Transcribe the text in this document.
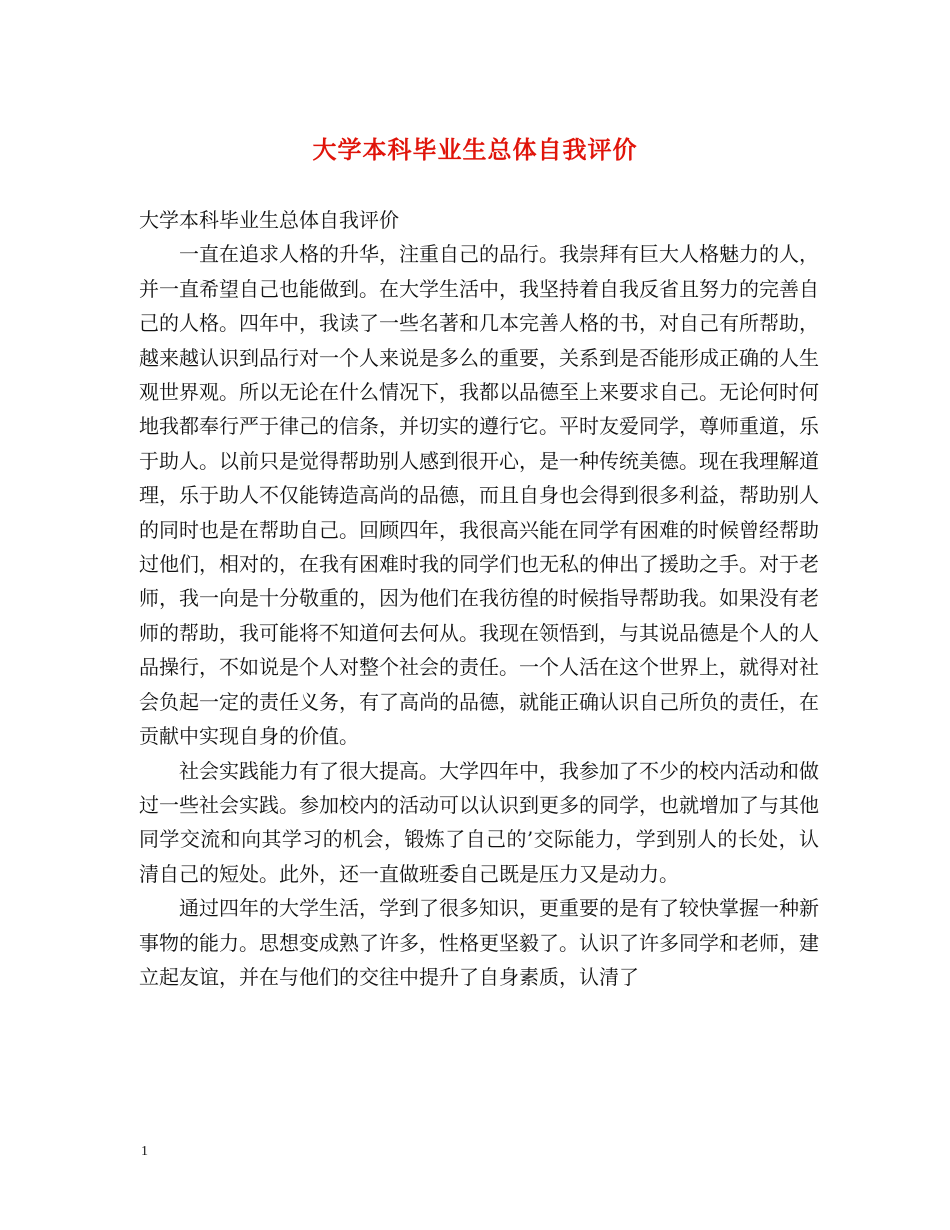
大学本科毕业生总体自我评价

大学本科毕业生总体自我评价

一直在追求人格的升华，注重自己的品行。我崇拜有巨大人格魅力的人，并一直希望自己也能做到。在大学生活中，我坚持着自我反省且努力的完善自己的人格。四年中，我读了一些名著和几本完善人格的书，对自己有所帮助，越来越认识到品行对一个人来说是多么的重要，关系到是否能形成正确的人生观世界观。所以无论在什么情况下，我都以品德至上来要求自己。无论何时何地我都奉行严于律己的信条，并切实的遵行它。平时友爱同学，尊师重道，乐于助人。以前只是觉得帮助别人感到很开心，是一种传统美德。现在我理解道理，乐于助人不仅能铸造高尚的品德，而且自身也会得到很多利益，帮助别人的同时也是在帮助自己。回顾四年，我很高兴能在同学有困难的时候曾经帮助过他们，相对的，在我有困难时我的同学们也无私的伸出了援助之手。对于老师，我一向是十分敬重的，因为他们在我彷徨的时候指导帮助我。如果没有老师的帮助，我可能将不知道何去何从。我现在领悟到，与其说品德是个人的人品操行，不如说是个人对整个社会的责任。一个人活在这个世界上，就得对社会负起一定的责任义务，有了高尚的品德，就能正确认识自己所负的责任，在贡献中实现自身的价值。

社会实践能力有了很大提高。大学四年中，我参加了不少的校内活动和做过一些社会实践。参加校内的活动可以认识到更多的同学，也就增加了与其他同学交流和向其学习的机会，锻炼了自己的’交际能力，学到别人的长处，认清自己的短处。此外，还一直做班委自己既是压力又是动力。

通过四年的大学生活，学到了很多知识，更重要的是有了较快掌握一种新事物的能力。思想变成熟了许多，性格更坚毅了。认识了许多同学和老师，建立起友谊，并在与他们的交往中提升了自身素质，认清了

1
